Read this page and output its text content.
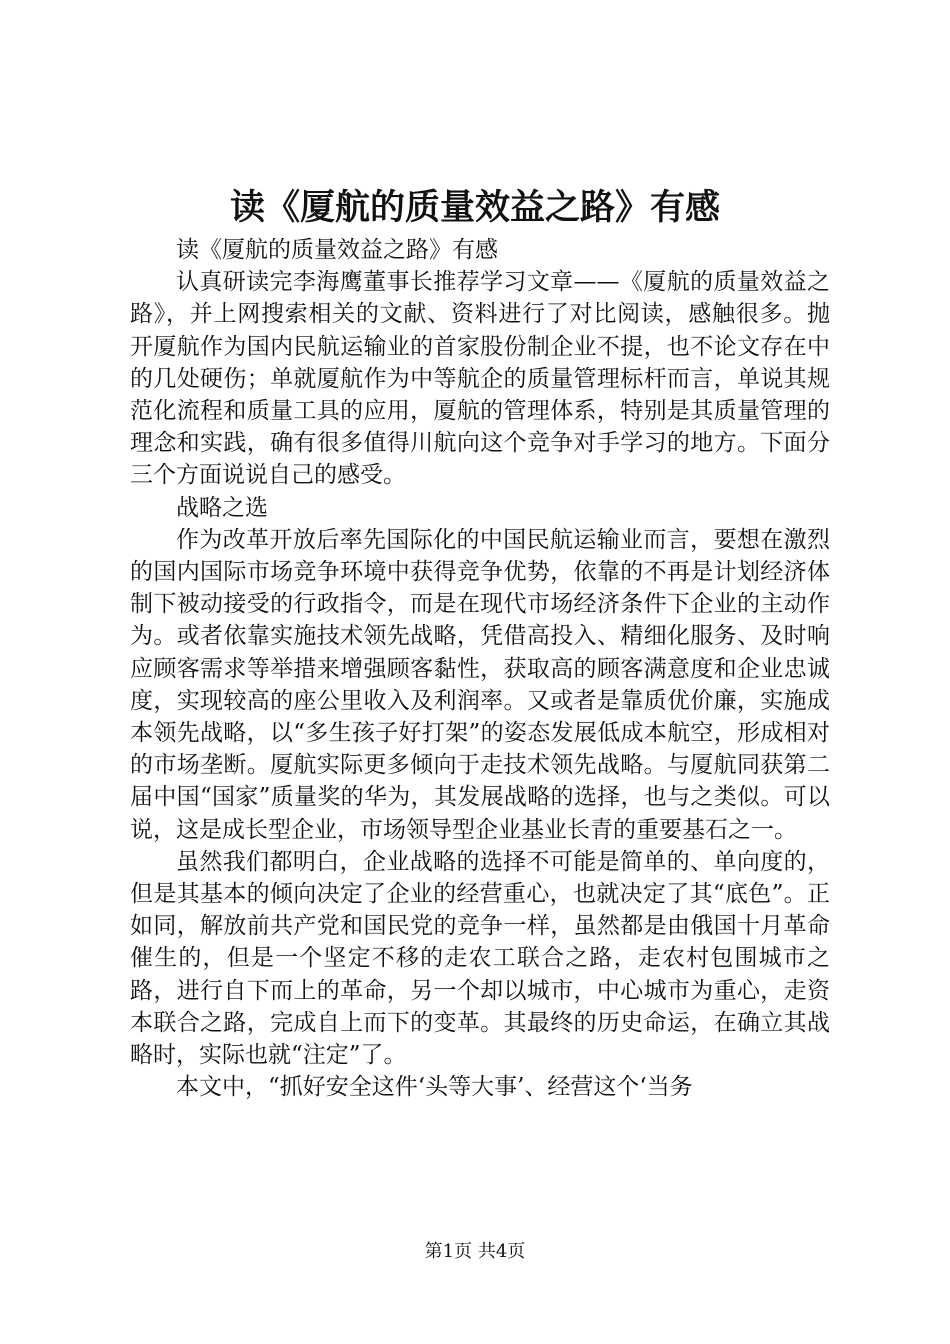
读《厦航的质量效益之路》有感

读《厦航的质量效益之路》有感

认真研读完李海鹰董事长推荐学习文章——《厦航的质量效益之路》，并上网搜索相关的文献、资料进行了对比阅读，感触很多。抛开厦航作为国内民航运输业的首家股份制企业不提，也不论文存在中的几处硬伤；单就厦航作为中等航企的质量管理标杆而言，单说其规范化流程和质量工具的应用，厦航的管理体系，特别是其质量管理的理念和实践，确有很多值得川航向这个竞争对手学习的地方。下面分三个方面说说自己的感受。

战略之选

作为改革开放后率先国际化的中国民航运输业而言，要想在激烈的国内国际市场竞争环境中获得竞争优势，依靠的不再是计划经济体制下被动接受的行政指令，而是在现代市场经济条件下企业的主动作为。或者依靠实施技术领先战略，凭借高投入、精细化服务、及时响应顾客需求等举措来增强顾客黏性，获取高的顾客满意度和企业忠诚度，实现较高的座公里收入及利润率。又或者是靠质优价廉，实施成本领先战略，以“多生孩子好打架”的姿态发展低成本航空，形成相对的市场垄断。厦航实际更多倾向于走技术领先战略。与厦航同获第二届中国“国家”质量奖的华为，其发展战略的选择，也与之类似。可以说，这是成长型企业，市场领导型企业基业长青的重要基石之一。

虽然我们都明白，企业战略的选择不可能是简单的、单向度的，但是其基本的倾向决定了企业的经营重心，也就决定了其“底色”。正如同，解放前共产党和国民党的竞争一样，虽然都是由俄国十月革命催生的，但是一个坚定不移的走农工联合之路，走农村包围城市之路，进行自下而上的革命，另一个却以城市，中心城市为重心，走资本联合之路，完成自上而下的变革。其最终的历史命运，在确立其战略时，实际也就“注定”了。

本文中，“抓好安全这件‘头等大事’、经营这个‘当务

第1页 共4页
